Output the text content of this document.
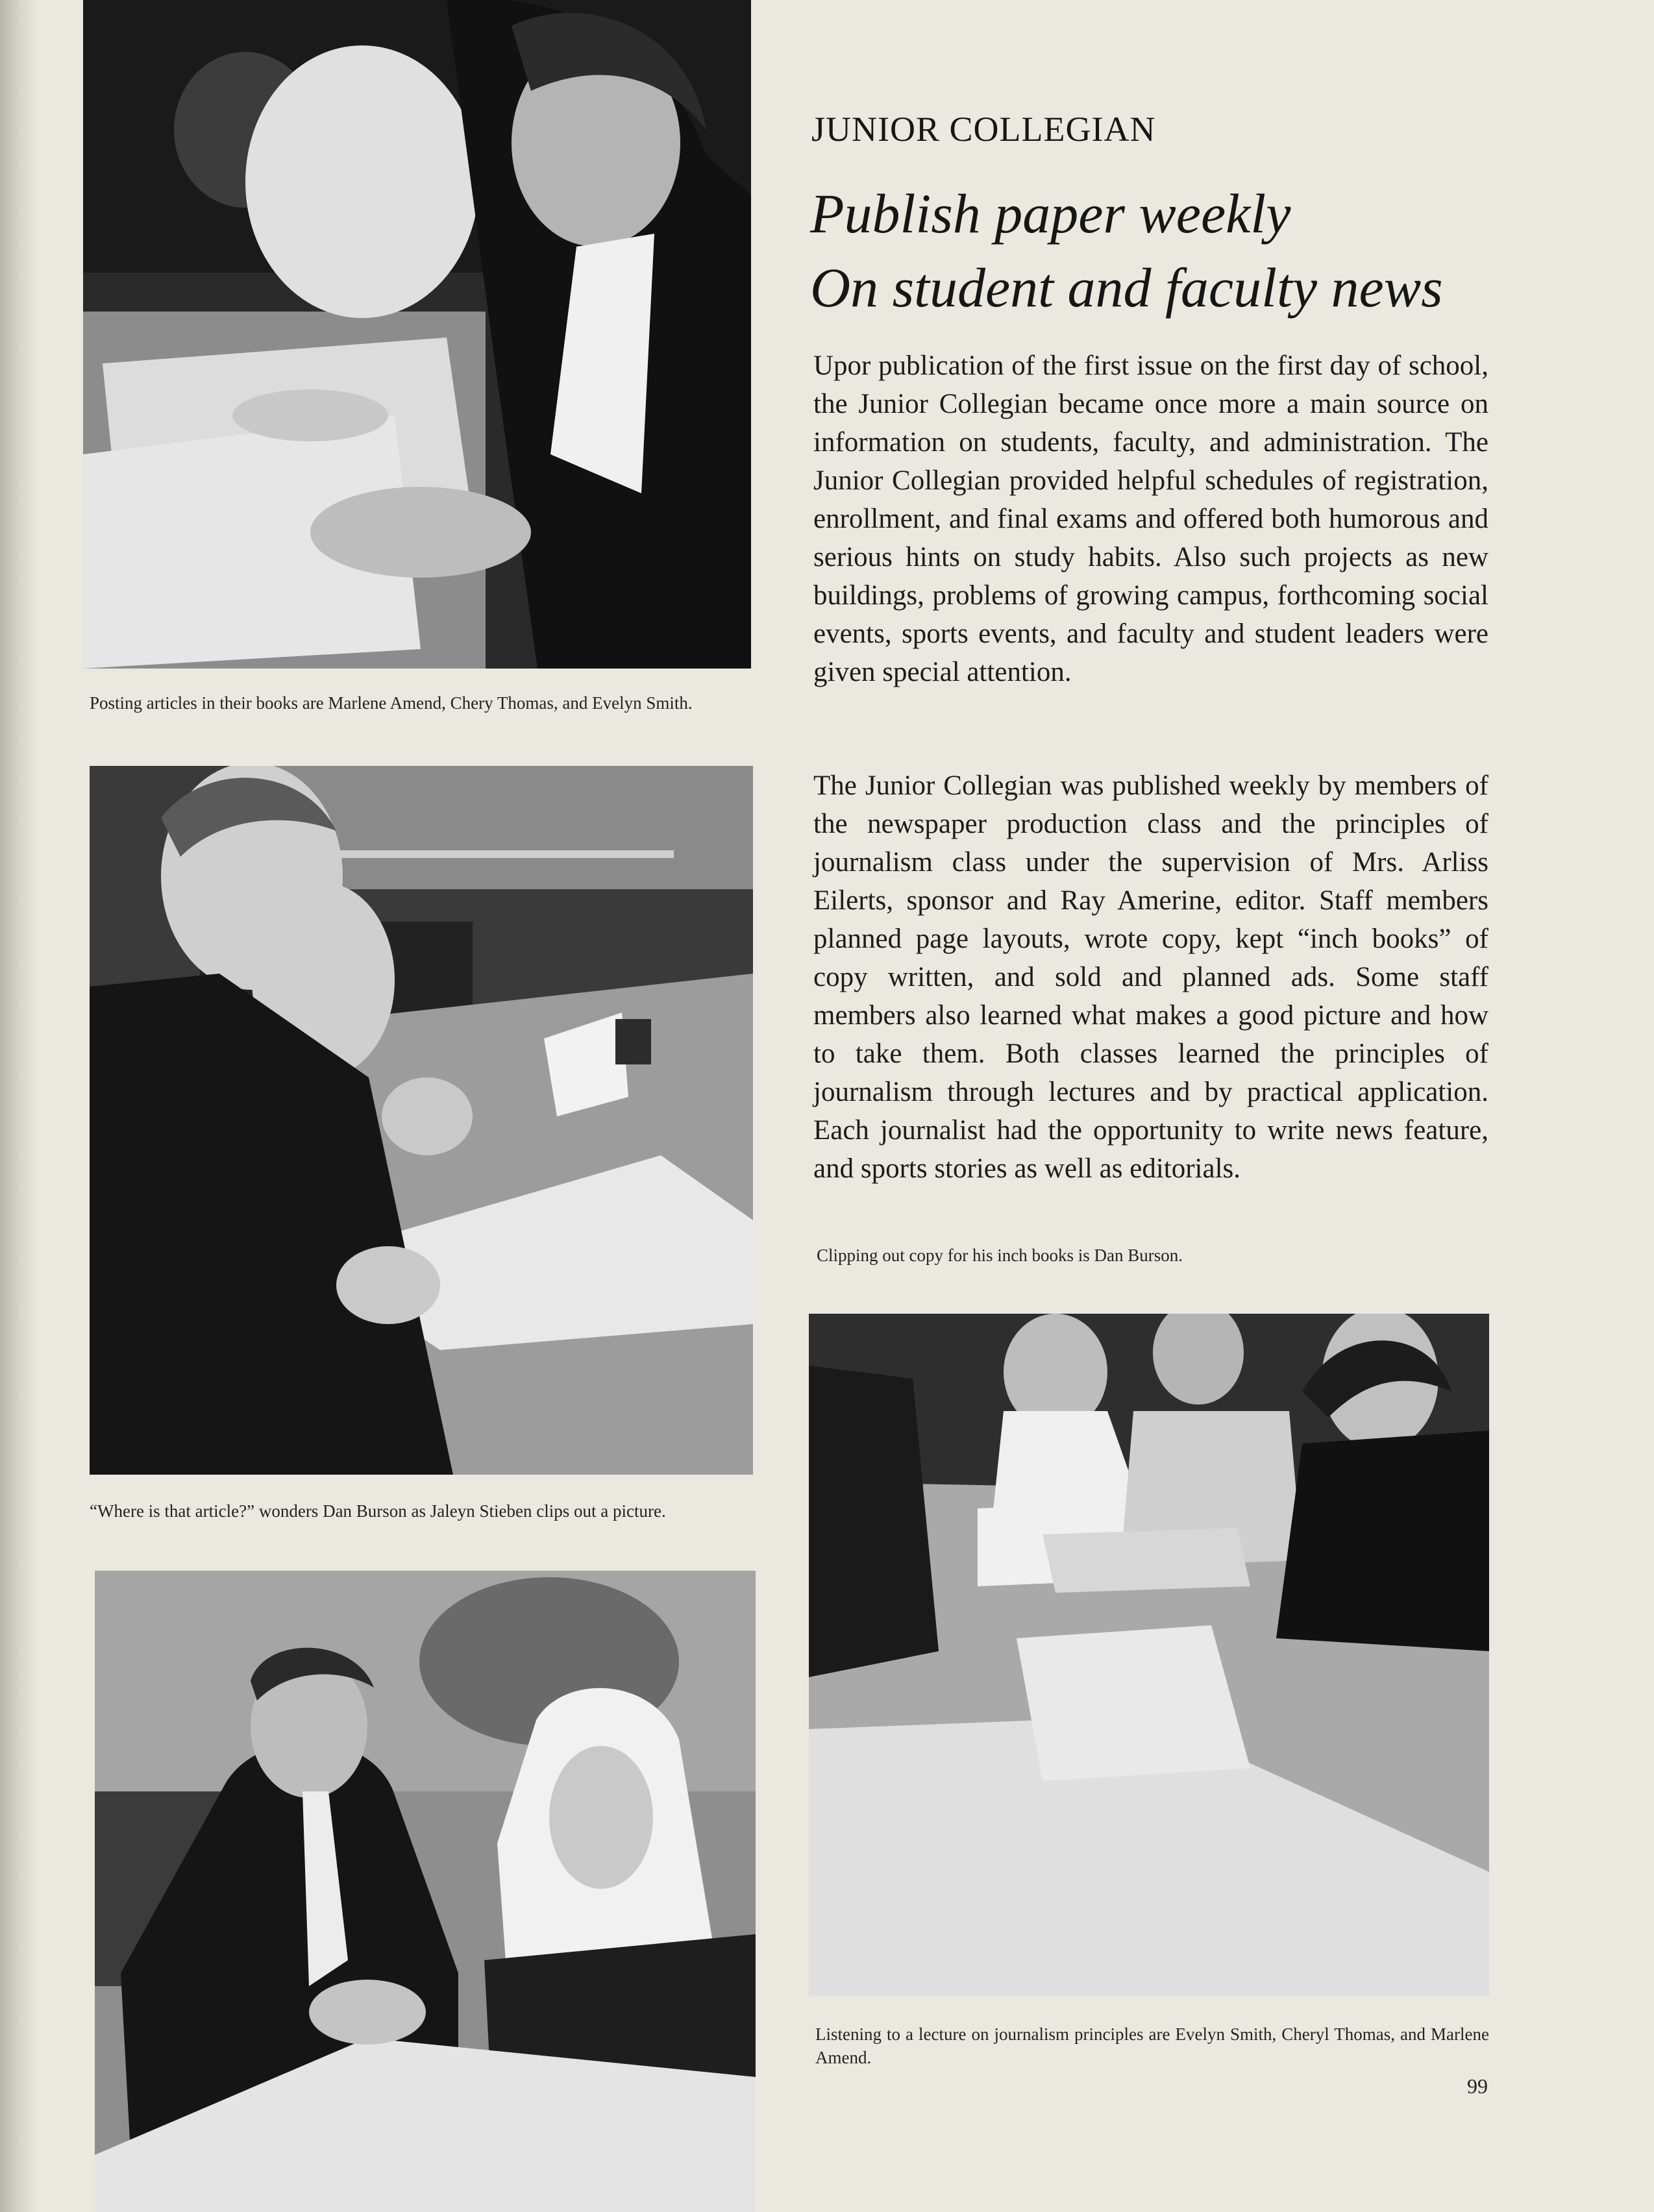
Posting articles in their books are Marlene Amend, Chery Thomas, and Evelyn Smith.

“Where is that article?” wonders Dan Burson as Jaleyn Stieben clips out a picture.

Listening to a lecture on journalism principles are Evelyn Smith, Cheryl Thomas, and Marlene Amend.

JUNIOR COLLEGIAN
Publish paper weekly
On student and faculty news

Upor publication of the first issue on the first day of school, the Junior Collegian became once more a main source on information on students, faculty, and administration. The Junior Collegian provided helpful schedules of registration, enrollment, and final exams and offered both humorous and serious hints on study habits. Also such projects as new buildings, problems of growing campus, forthcoming social events, sports events, and faculty and student leaders were given special attention.

The Junior Collegian was published weekly by members of the newspaper production class and the principles of journalism class under the supervision of Mrs. Arliss Eilerts, sponsor and Ray Amerine, editor. Staff members planned page layouts, wrote copy, kept “inch books” of copy written, and sold and planned ads. Some staff members also learned what makes a good picture and how to take them. Both classes learned the principles of journalism through lectures and by practical application. Each journalist had the opportunity to write news feature, and sports stories as well as editorials.

Clipping out copy for his inch books is Dan Burson.

99
